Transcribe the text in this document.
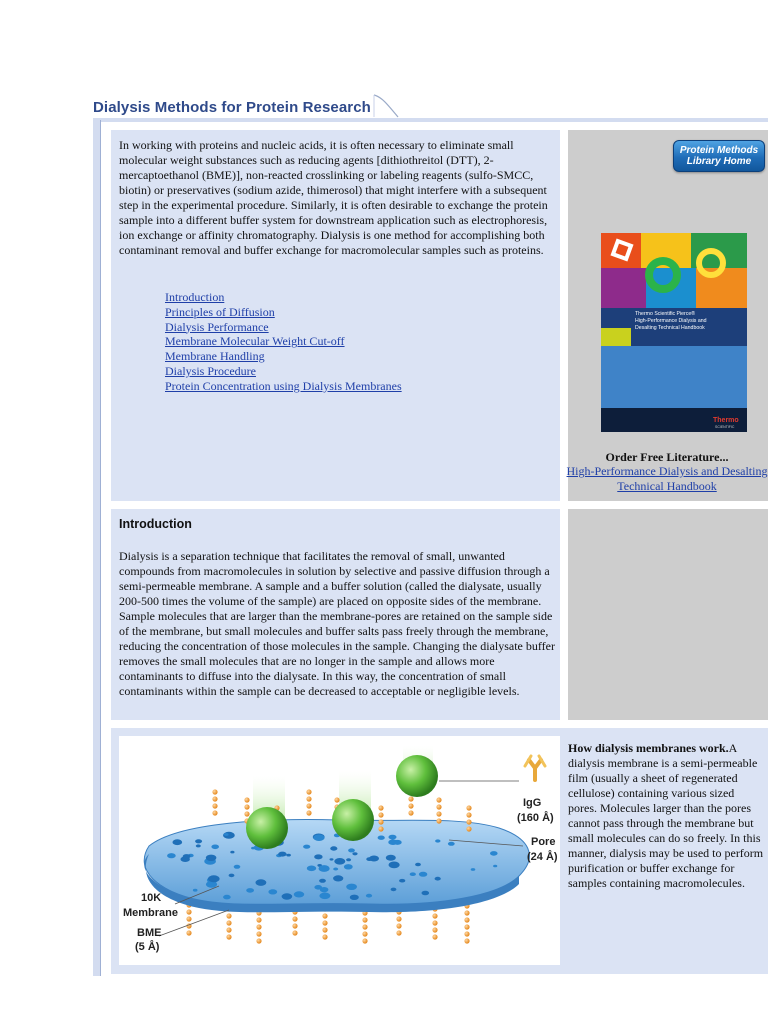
Dialysis Methods for Protein Research

In working with proteins and nucleic acids, it is often necessary to eliminate small molecular weight substances such as reducing agents [dithiothreitol (DTT), 2-mercaptoethanol (BME)], non-reacted crosslinking or labeling reagents (sulfo-SMCC, biotin) or preservatives (sodium azide, thimerosol) that might interfere with a subsequent step in the experimental procedure. Similarly, it is often desirable to exchange the protein sample into a different buffer system for downstream application such as electrophoresis, ion exchange or affinity chromatography. Dialysis is one method for accomplishing both contaminant removal and buffer exchange for macromolecular samples such as proteins.

Introduction
Principles of Diffusion
Dialysis Performance
Membrane Molecular Weight Cut-off
Membrane Handling
Dialysis Procedure
Protein Concentration using Dialysis Membranes
Protein Methods
Library Home
Thermo Scientific Pierce®
High-Performance Dialysis and
Desalting Technical Handbook
Thermo
SCIENTIFIC

Order Free Literature...

High-Performance Dialysis and Desalting Technical Handbook

Dialysis is a separation technique that facilitates the removal of small, unwanted compounds from macromolecules in solution by selective and passive diffusion through a semi-permeable membrane. A sample and a buffer solution (called the dialysate, usually 200-500 times the volume of the sample) are placed on opposite sides of the membrane. Sample molecules that are larger than the membrane-pores are retained on the sample side of the membrane, but small molecules and buffer salts pass freely through the membrane, reducing the concentration of those molecules in the sample. Changing the dialysate buffer removes the small molecules that are no longer in the sample and allows more contaminants to diffuse into the dialysate. In this way, the concentration of small contaminants within the sample can be decreased to acceptable or negligible levels.

Introduction
IgG
(160 Å)
Pore
(24 Å)
10K
Membrane
BME
(5 Å)

How dialysis membranes work.A dialysis membrane is a semi-permeable film (usually a sheet of regenerated cellulose) containing various sized pores. Molecules larger than the pores cannot pass through the membrane but small molecules can do so freely. In this manner, dialysis may be used to perform purification or buffer exchange for samples containing macromolecules.
